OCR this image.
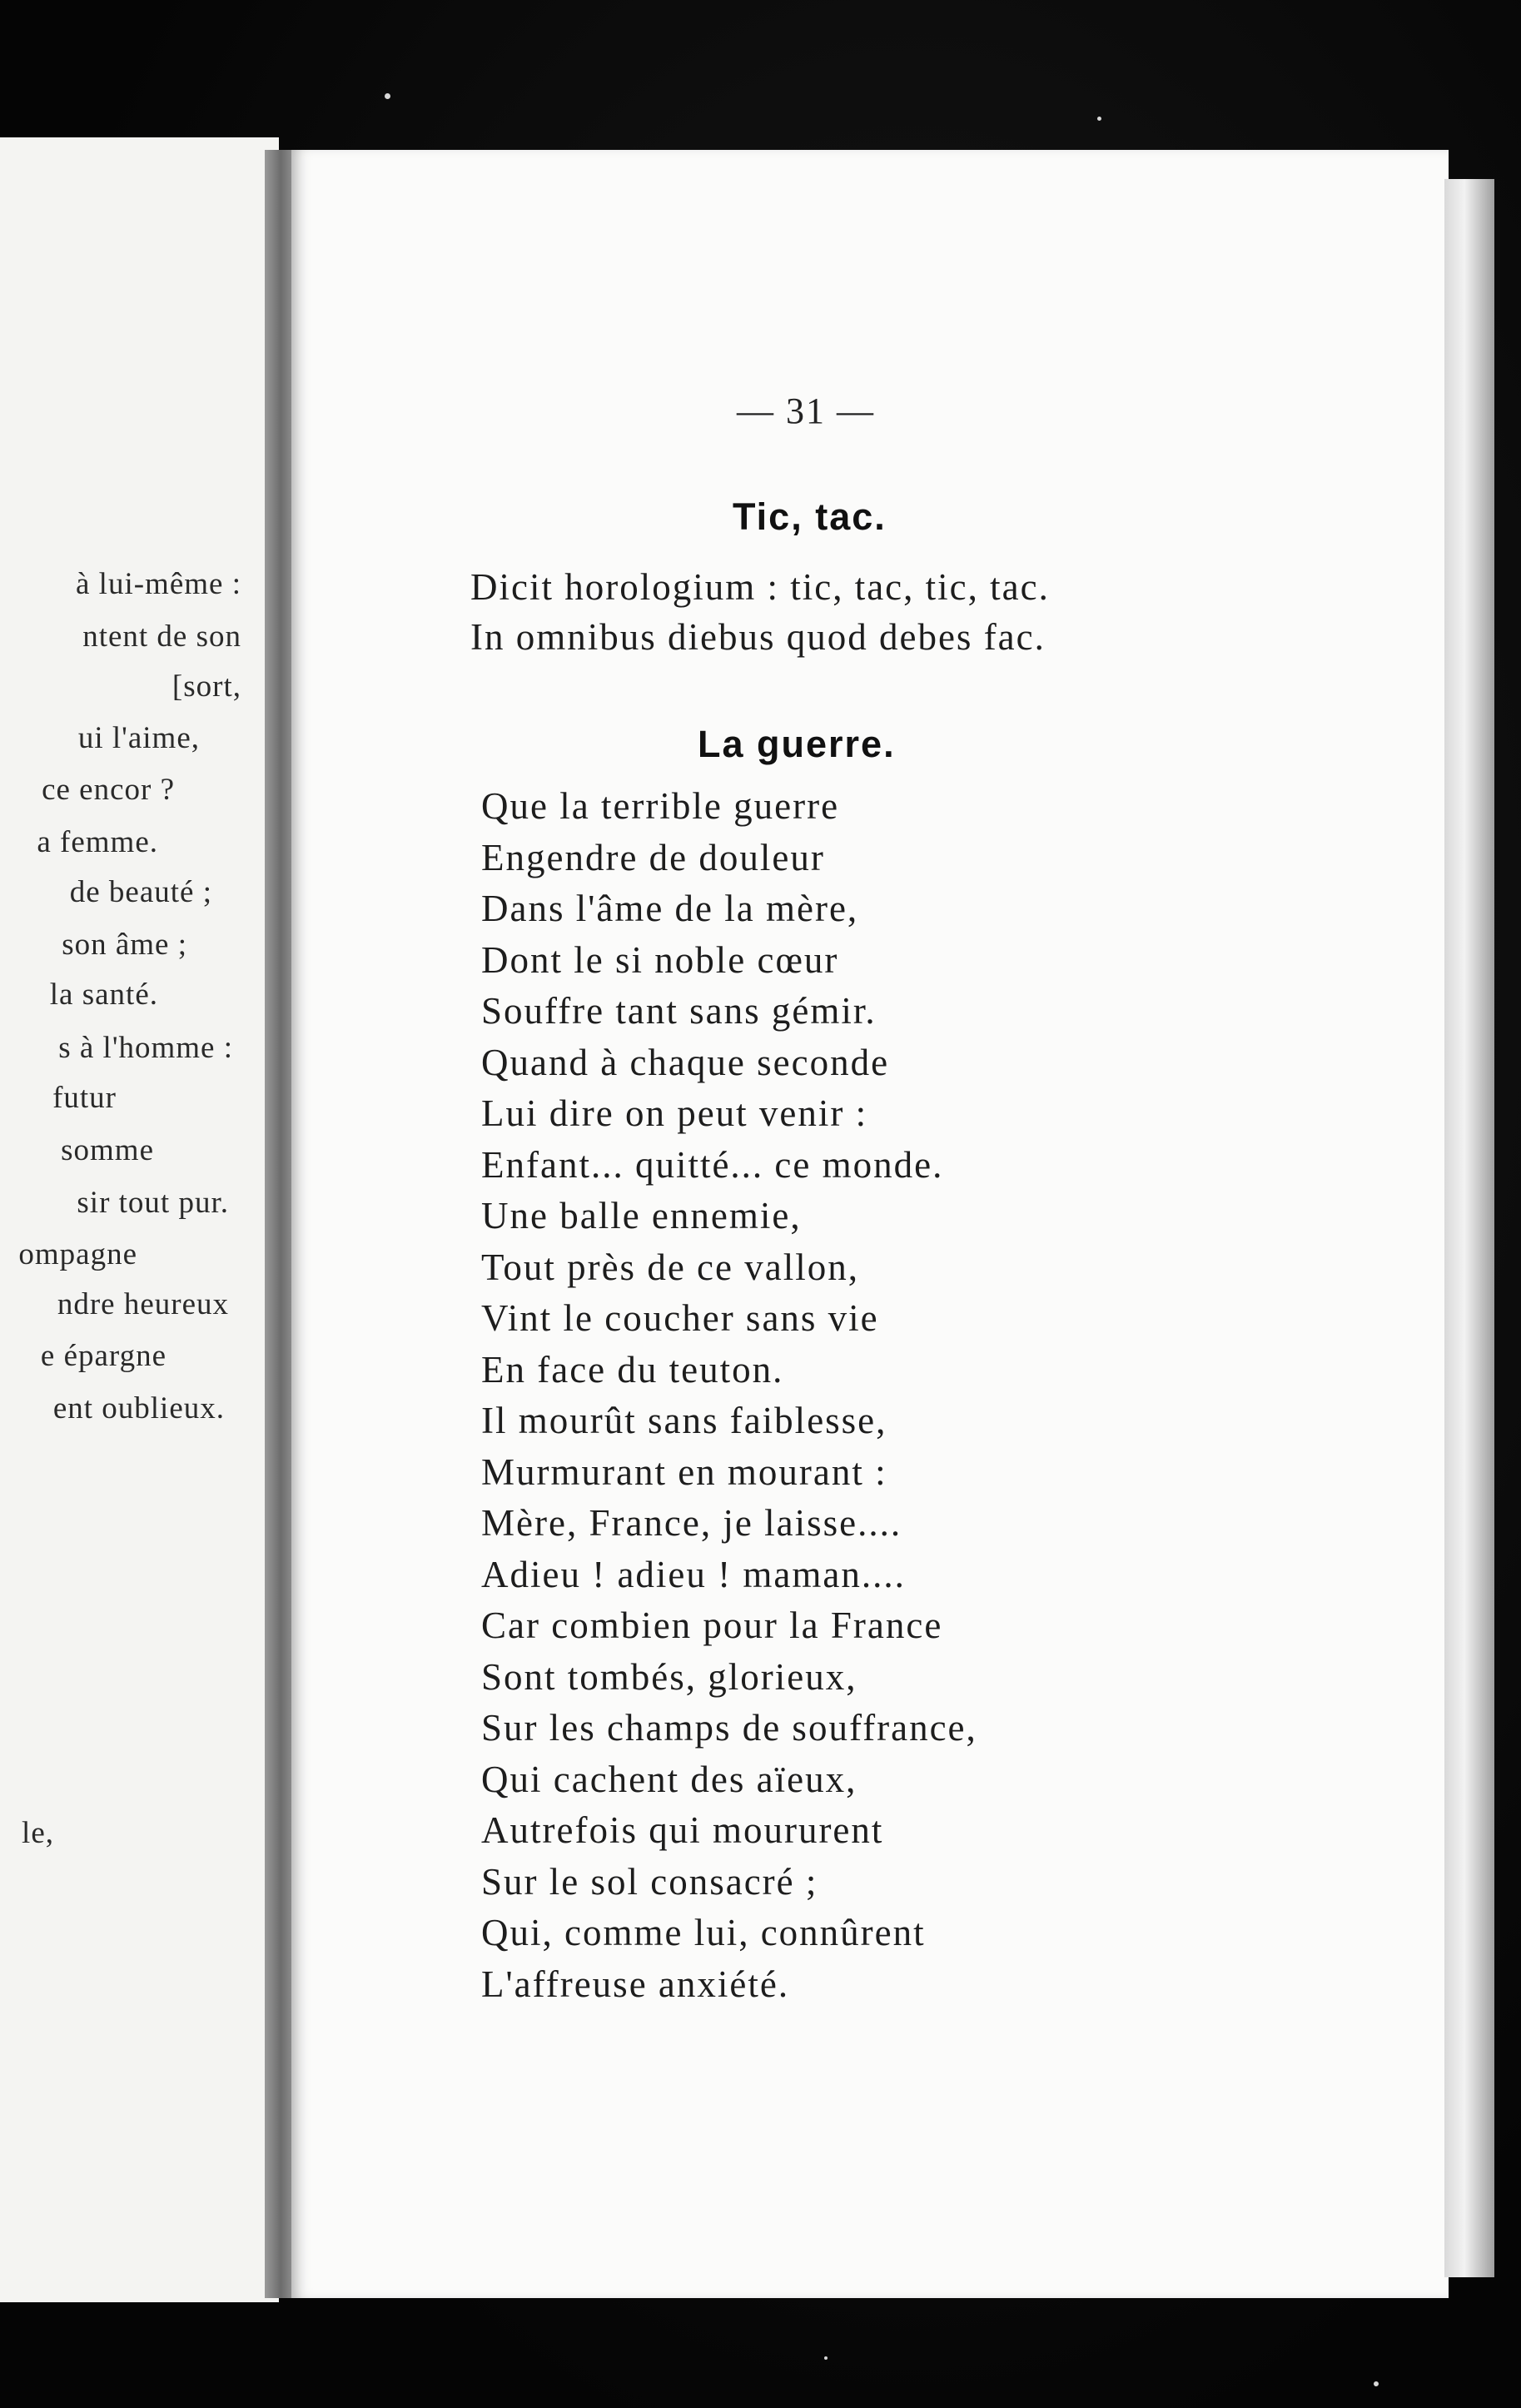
à lui-même :
ntent de son
[sort,
ui l'aime,
ce encor ?
a femme.
de beauté ;
son âme ;
la santé.
s à l'homme :
futur
somme
sir tout pur.
ompagne
ndre heureux
e épargne
ent oublieux.
le,
— 31 —
Tic, tac.
Dicit horologium : tic, tac, tic, tac.
In omnibus diebus quod debes fac.
La guerre.
Que la terrible guerre
Engendre de douleur
Dans l'âme de la mère,
Dont le si noble cœur
Souffre tant sans gémir.
Quand à chaque seconde
Lui dire on peut venir :
Enfant... quitté... ce monde.
Une balle ennemie,
Tout près de ce vallon,
Vint le coucher sans vie
En face du teuton.
Il mourût sans faiblesse,
Murmurant en mourant :
Mère, France, je laisse....
Adieu ! adieu ! maman....
Car combien pour la France
Sont tombés, glorieux,
Sur les champs de souffrance,
Qui cachent des aïeux,
Autrefois qui moururent
Sur le sol consacré ;
Qui, comme lui, connûrent
L'affreuse anxiété.
